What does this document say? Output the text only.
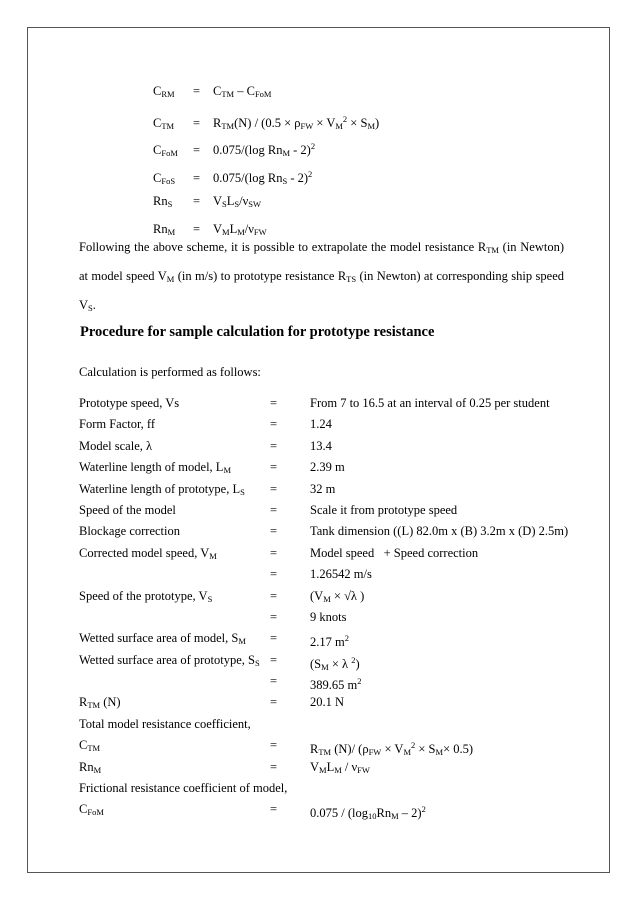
$C_{RM} = C_{TM} - C_{FoM}$
$C_{TM} = R_{TM}(N) / (0.5 \times \rho_{FW} \times V_M^2 \times S_M)$
$C_{FoM} = 0.075/(\log$ $Rn_M - 2)^2$
$C_{FoS} = 0.075/(\log$ $Rn_S - 2)^2$
$Rn_S = V_SL_S/\nu_{SW}$
$Rn_M = V_ML_M/\nu_{FW}$
Following the above scheme, it is possible to extrapolate the model resistance $R_{TM}$ (in Newton) at model speed $V_M$ (in m/s) to prototype resistance $R_{TS}$ (in Newton) at corresponding ship speed $V_S$.
Procedure for sample calculation for prototype resistance
Calculation is performed as follows:
Prototype speed, Vs	=	From 7 to 16.5 at an interval of 0.25 per student
Form Factor, ff	=	1.24
Model scale, λ	=	13.4
Waterline length of model, $L_M$	=	2.39 m
Waterline length of prototype, $L_S$ =	32 m
Speed of the model	=	Scale it from prototype speed
Blockage correction	=	Tank dimension ((L) 82.0m x (B) 3.2m x (D) 2.5m)
Corrected model speed, $V_M$	=	Model speed   + Speed correction
=	1.26542 m/s
Speed of the prototype, $V_S$	=	($V_M \times √\lambda$ )
=	9 knots
Wetted surface area of model, $S_M$ =	2.17 $m^2$
Wetted surface area of prototype, $S_S$ =	($S_M \times \lambda$ $^2$)
=	389.65 $m^2$
$R_{TM}$ (N)	=	20.1 N
Total model resistance coefficient,
$C_{TM}$	=	$R_{TM}$ (N)/ $(\rho_{FW} \times V_M^2 \times S_M\times 0.5)$
$Rn_M$	=	$V_ML_M / \nu_{FW}$
Frictional resistance coefficient of model,
$C_{FoM}$	=	$0.075 / (\log_{10}Rn_M - 2)^2$
